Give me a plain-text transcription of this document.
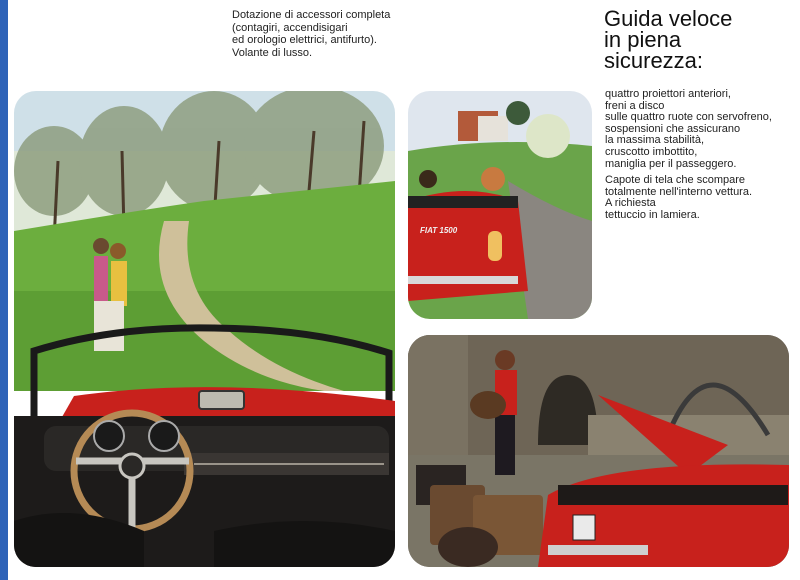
Dotazione di accessori completa
(contagiri, accendisigari
ed orologio elettrici, antifurto).
Volante di lusso.
Guida veloce
in piena
sicurezza:
quattro proiettori anteriori,
freni a disco
sulle quattro ruote con servofreno,
sospensioni che assicurano
la massima stabilità,
cruscotto imbottito,
maniglia per il passeggero.
Capote di tela che scompare
totalmente nell'interno vettura.
A richiesta
tettuccio in lamiera.
FIAT 1500
